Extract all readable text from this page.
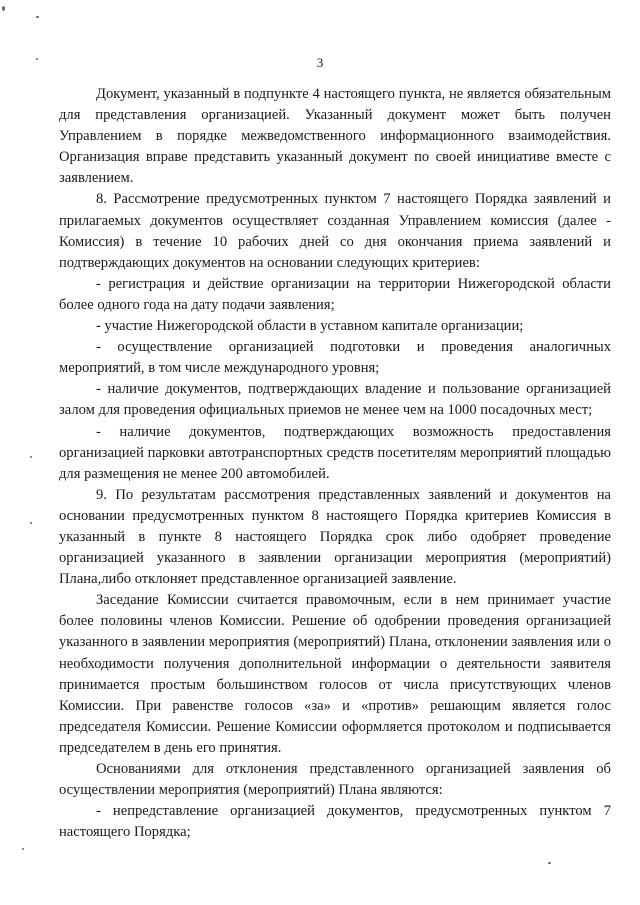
3

Документ, указанный в подпункте 4 настоящего пункта, не является обязательным для представления организацией. Указанный документ может быть получен Управлением в порядке межведомственного информационного взаимодействия. Организация вправе представить указанный документ по своей инициативе вместе с заявлением.

8. Рассмотрение предусмотренных пунктом 7 настоящего Порядка заявлений и прилагаемых документов осуществляет созданная Управлением комиссия (далее - Комиссия) в течение 10 рабочих дней со дня окончания приема заявлений и подтверждающих документов на основании следующих критериев:

- регистрация и действие организации на территории Нижегородской области более одного года на дату подачи заявления;

- участие Нижегородской области в уставном капитале организации;

- осуществление организацией подготовки и проведения аналогичных мероприятий, в том числе международного уровня;

- наличие документов, подтверждающих владение и пользование организацией залом для проведения официальных приемов не менее чем на 1000 посадочных мест;

- наличие документов, подтверждающих возможность предоставления организацией парковки автотранспортных средств посетителям мероприятий площадью для размещения не менее 200 автомобилей.

9. По результатам рассмотрения представленных заявлений и документов на основании предусмотренных пунктом 8 настоящего Порядка критериев Комиссия в указанный в пункте 8 настоящего Порядка срок либо одобряет проведение организацией указанного в заявлении организации мероприятия (мероприятий) Плана,либо отклоняет представленное организацией заявление.

Заседание Комиссии считается правомочным, если в нем принимает участие более половины членов Комиссии. Решение об одобрении проведения организацией указанного в заявлении мероприятия (мероприятий) Плана, отклонении заявления или о необходимости получения дополнительной информации о деятельности заявителя принимается простым большинством голосов от числа присутствующих членов Комиссии. При равенстве голосов «за» и «против» решающим является голос председателя Комиссии. Решение Комиссии оформляется протоколом и подписывается председателем в день его принятия.

Основаниями для отклонения представленного организацией заявления об осуществлении мероприятия (мероприятий) Плана являются:

- непредставление организацией документов, предусмотренных пунктом 7 настоящего Порядка;
